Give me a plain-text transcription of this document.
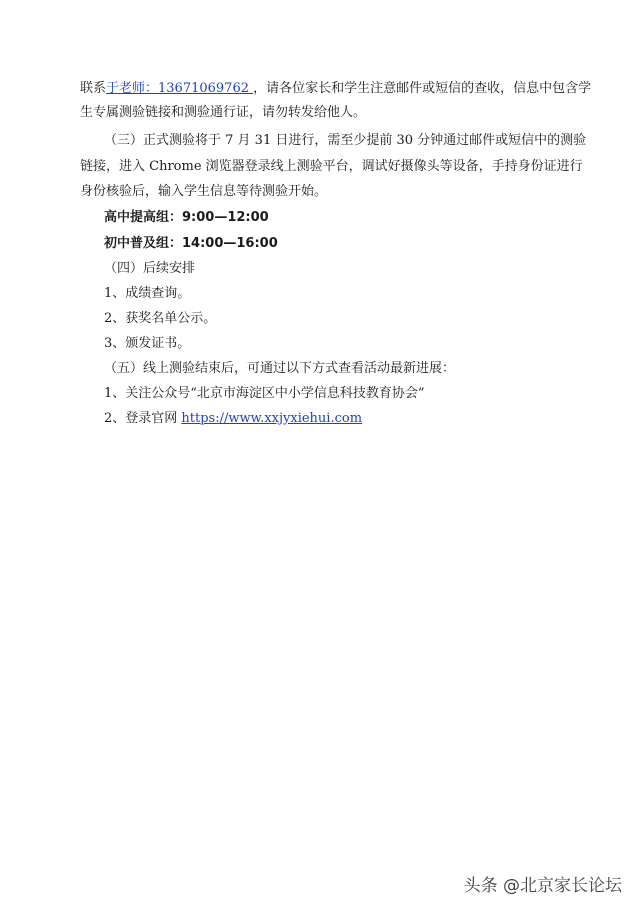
联系于老师：13671069762 ，请各位家长和学生注意邮件或短信的查收，信息中包含学
生专属测验链接和测验通行证，请勿转发给他人。
（三）正式测验将于 7 月 31 日进行，需至少提前 30 分钟通过邮件或短信中的测验
链接，进入 Chrome 浏览器登录线上测验平台，调试好摄像头等设备，手持身份证进行
身份核验后，输入学生信息等待测验开始。
高中提高组：9:00—12:00
初中普及组：14:00—16:00
（四）后续安排
1、成绩查询。
2、获奖名单公示。
3、颁发证书。
（五）线上测验结束后，可通过以下方式查看活动最新进展：
1、关注公众号“北京市海淀区中小学信息科技教育协会”
2、登录官网 https://www.xxjyxiehui.com
头条 @北京家长论坛
